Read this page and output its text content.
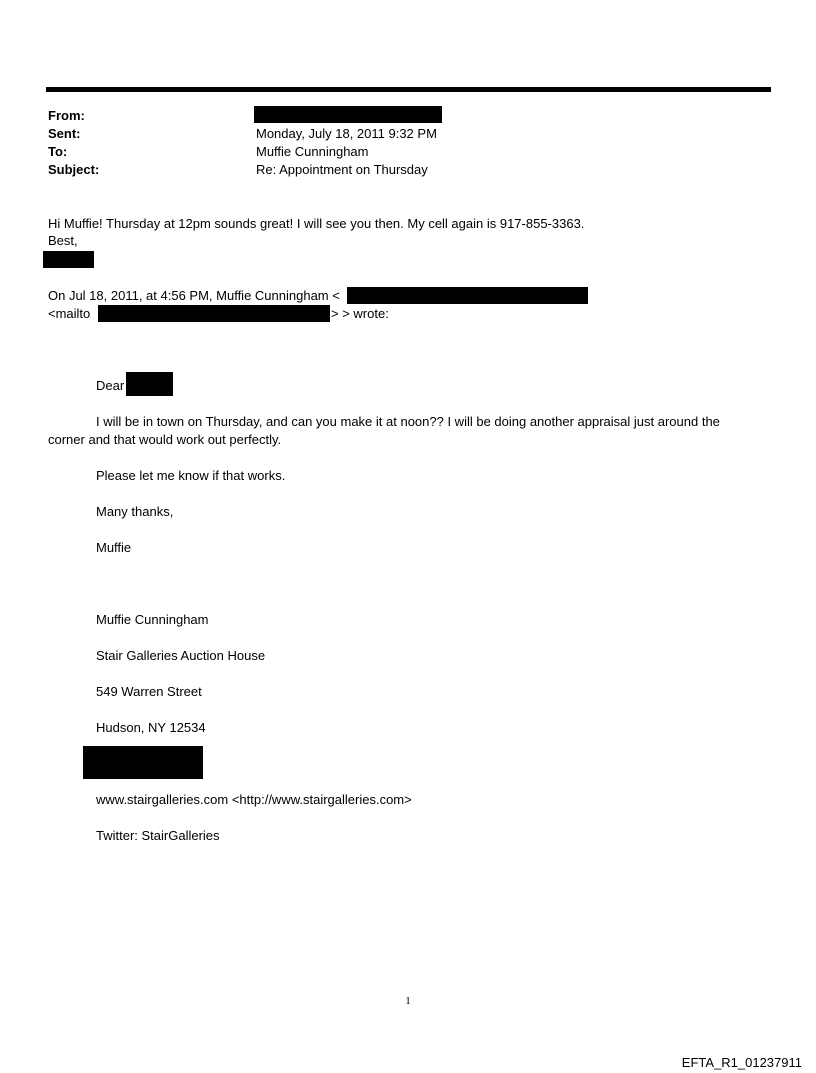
From:
Sent:	Monday, July 18, 2011 9:32 PM
To:	Muffie Cunningham
Subject:	Re: Appointment on Thursday
Hi Muffie! Thursday at 12pm sounds great! I will see you then. My cell again is 917-855-3363.
Best,
On Jul 18, 2011, at 4:56 PM, Muffie Cunningham <
<mailto	> > wrote:
Dear
I will be in town on Thursday, and can you make it at noon?? I will be doing another appraisal just around the
corner and that would work out perfectly.
Please let me know if that works.
Many thanks,
Muffie
Muffie Cunningham
Stair Galleries Auction House
549 Warren Street
Hudson, NY 12534
www.stairgalleries.com <http://www.stairgalleries.com>
Twitter: StairGalleries
1
EFTA_R1_01237911
